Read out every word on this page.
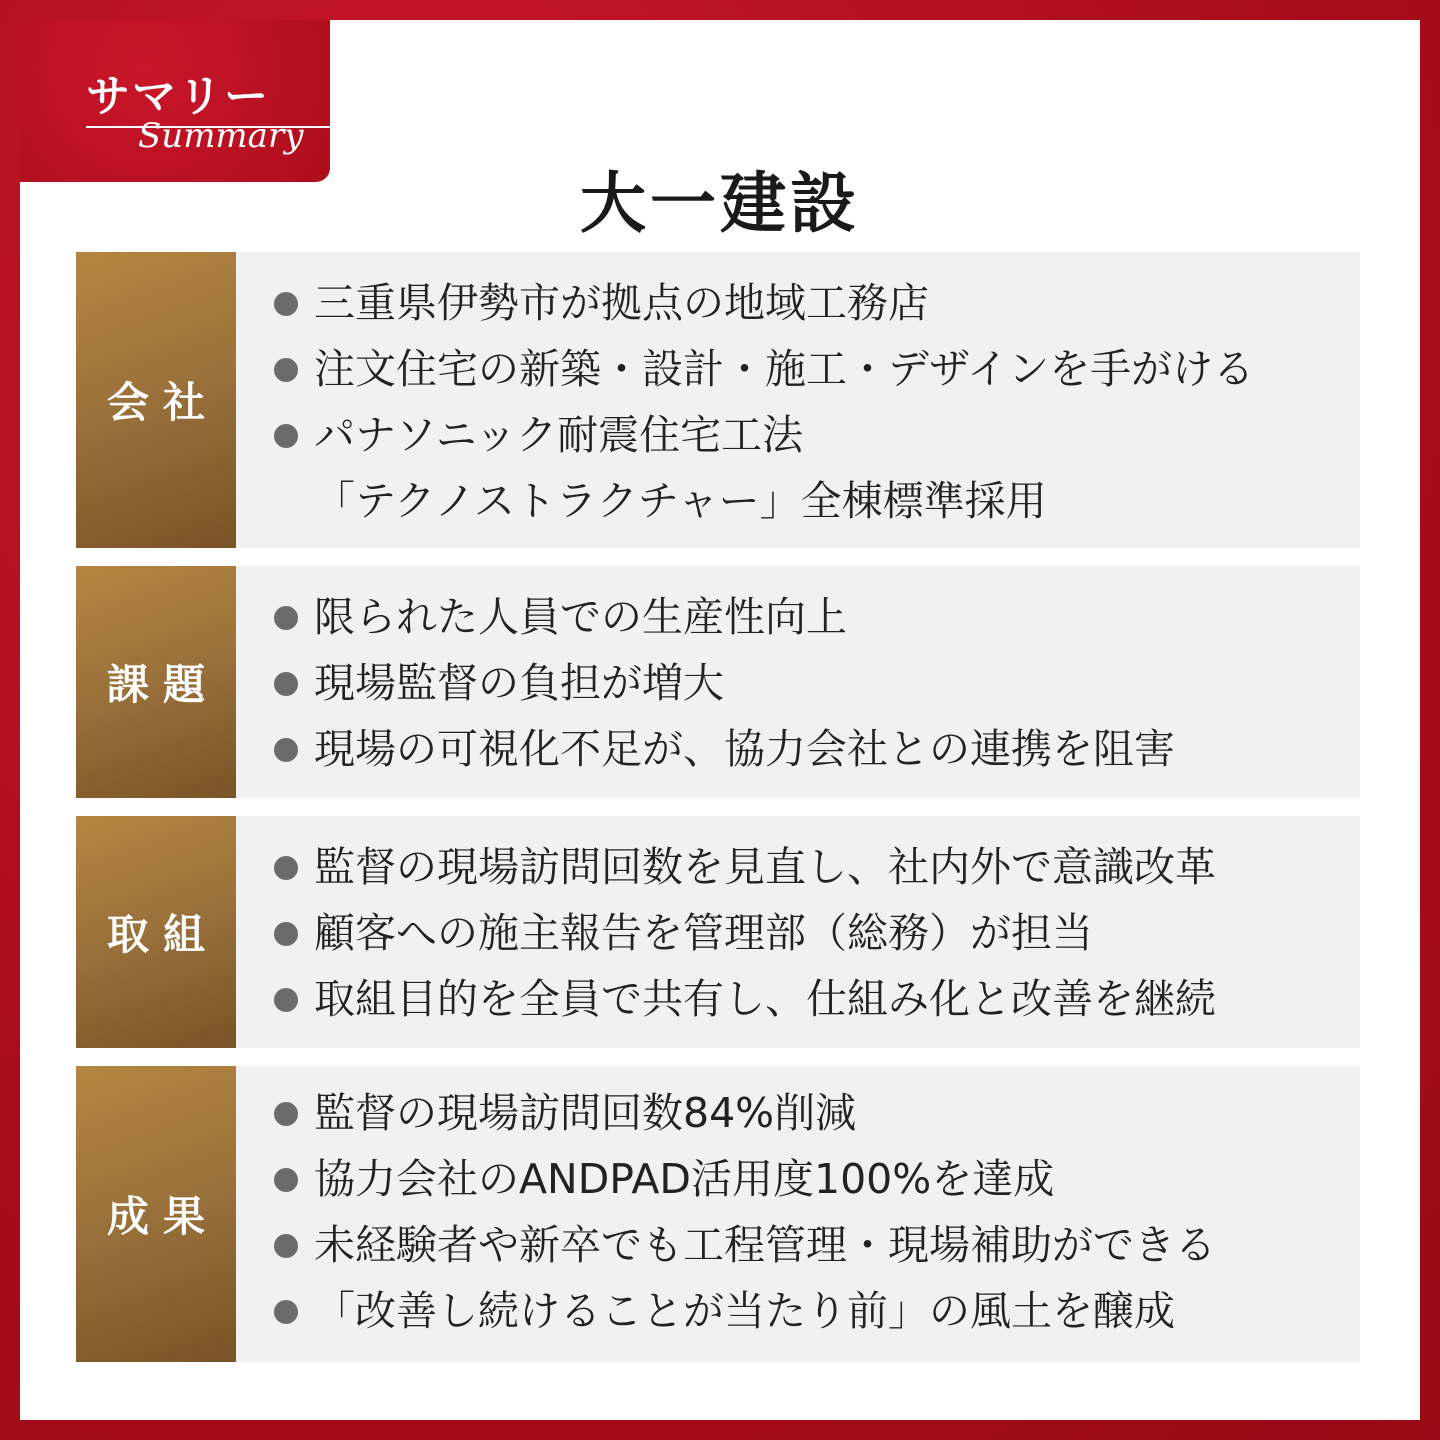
サマリー
Summary
大一建設
会社
三重県伊勢市が拠点の地域工務店
注文住宅の新築・設計・施工・デザインを手がける
パナソニック耐震住宅工法
「テクノストラクチャー」全棟標準採用
課題
限られた人員での生産性向上
現場監督の負担が増大
現場の可視化不足が、協力会社との連携を阻害
取組
監督の現場訪問回数を見直し、社内外で意識改革
顧客への施主報告を管理部（総務）が担当
取組目的を全員で共有し、仕組み化と改善を継続
成果
監督の現場訪問回数84%削減
協力会社のANDPAD活用度100%を達成
未経験者や新卒でも工程管理・現場補助ができる
「改善し続けることが当たり前」の風土を醸成
